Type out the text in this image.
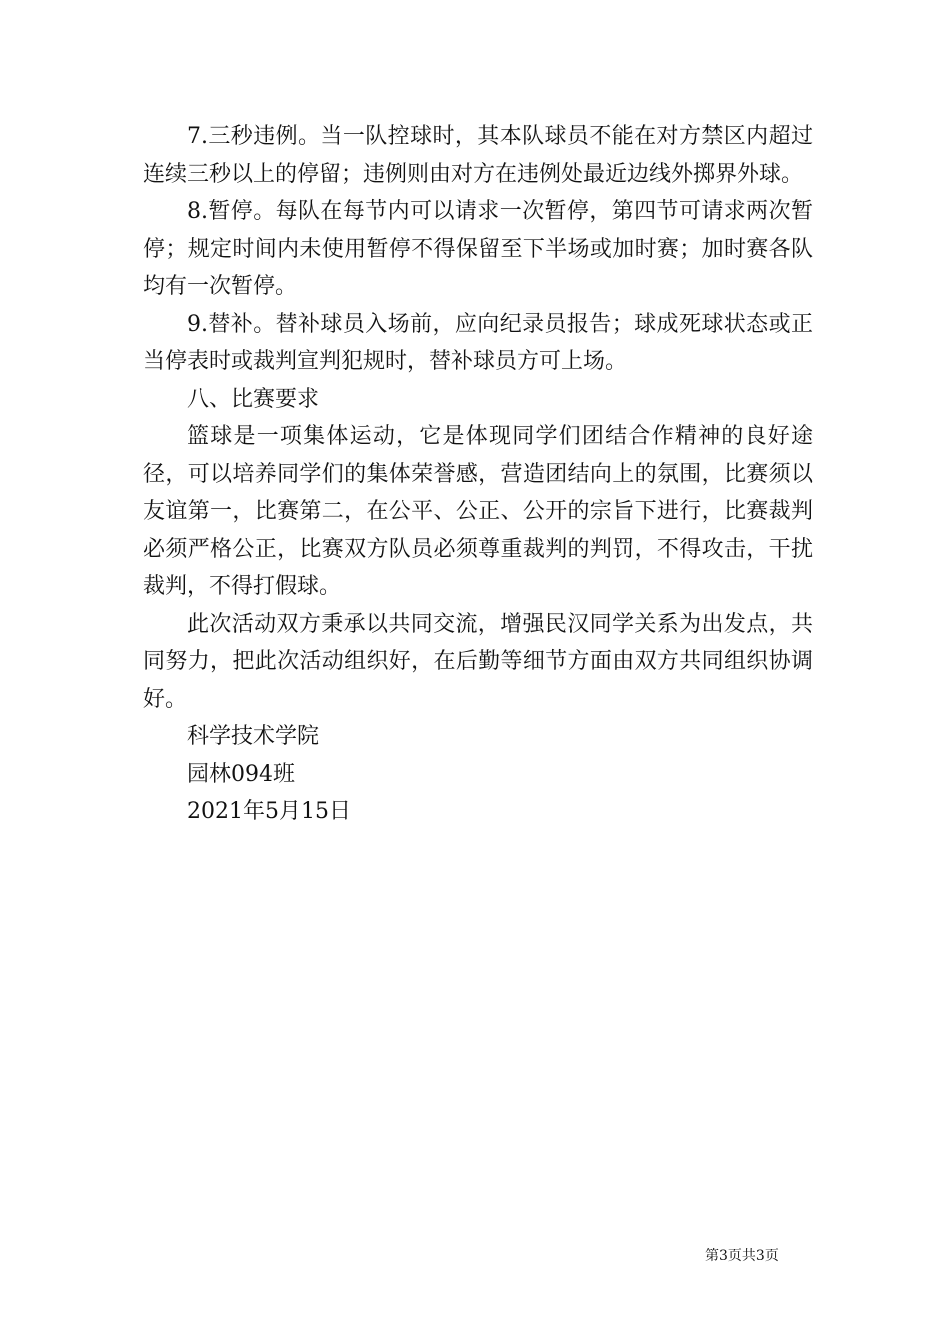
7.三秒违例。当一队控球时，其本队球员不能在对方禁区内超过连续三秒以上的停留；违例则由对方在违例处最近边线外掷界外球。

8.暂停。每队在每节内可以请求一次暂停，第四节可请求两次暂停；规定时间内未使用暂停不得保留至下半场或加时赛；加时赛各队均有一次暂停。

9.替补。替补球员入场前，应向纪录员报告；球成死球状态或正当停表时或裁判宣判犯规时，替补球员方可上场。

八、比赛要求

篮球是一项集体运动，它是体现同学们团结合作精神的良好途径，可以培养同学们的集体荣誉感，营造团结向上的氛围，比赛须以友谊第一，比赛第二，在公平、公正、公开的宗旨下进行，比赛裁判必须严格公正，比赛双方队员必须尊重裁判的判罚，不得攻击，干扰裁判，不得打假球。

此次活动双方秉承以共同交流，增强民汉同学关系为出发点，共同努力，把此次活动组织好，在后勤等细节方面由双方共同组织协调好。

科学技术学院

园林094班

2021年5月15日

第3页共3页
